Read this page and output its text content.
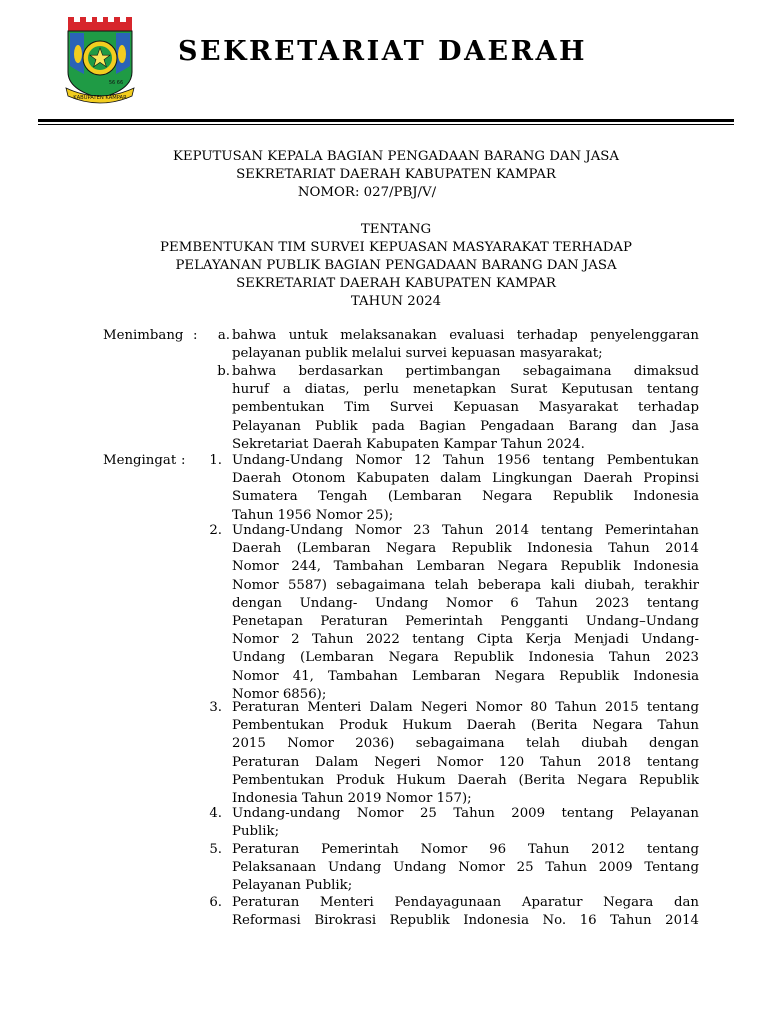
KABUPATEN KAMPAR
56 66
SEKRETARIAT DAERAH
KEPUTUSAN KEPALA BAGIAN PENGADAAN BARANG DAN JASA
SEKRETARIAT DAERAH KABUPATEN KAMPAR
NOMOR: 027/PBJ/V/
TENTANG
PEMBENTUKAN TIM SURVEI KEPUASAN MASYARAKAT TERHADAP
PELAYANAN PUBLIK BAGIAN PENGADAAN BARANG DAN JASA
SEKRETARIAT DAERAH KABUPATEN KAMPAR
TAHUN 2024
Menimbang :	a. bahwa untuk melaksanakan evaluasi terhadap penyelenggaran
pelayanan publik melalui survei kepuasan masyarakat;
b. bahwa berdasarkan pertimbangan sebagaimana dimaksud
huruf a diatas, perlu menetapkan Surat Keputusan tentang
pembentukan Tim Survei Kepuasan Masyarakat terhadap
Pelayanan Publik pada Bagian Pengadaan Barang dan Jasa
Sekretariat Daerah Kabupaten Kampar Tahun 2024.
Mengingat :	1. Undang-Undang Nomor 12 Tahun 1956 tentang Pembentukan
Daerah Otonom Kabupaten dalam Lingkungan Daerah Propinsi
Sumatera Tengah (Lembaran Negara Republik Indonesia
Tahun 1956 Nomor 25);
2. Undang-Undang Nomor 23 Tahun 2014 tentang Pemerintahan
Daerah (Lembaran Negara Republik Indonesia Tahun 2014
Nomor 244, Tambahan Lembaran Negara Republik Indonesia
Nomor 5587) sebagaimana telah beberapa kali diubah, terakhir
dengan Undang- Undang Nomor 6 Tahun 2023 tentang
Penetapan Peraturan Pemerintah Pengganti Undang–Undang
Nomor 2 Tahun 2022 tentang Cipta Kerja Menjadi Undang-
Undang (Lembaran Negara Republik Indonesia Tahun 2023
Nomor 41, Tambahan Lembaran Negara Republik Indonesia
Nomor 6856);
3. Peraturan Menteri Dalam Negeri Nomor 80 Tahun 2015 tentang
Pembentukan Produk Hukum Daerah (Berita Negara Tahun
2015 Nomor 2036) sebagaimana telah diubah dengan
Peraturan Dalam Negeri Nomor 120 Tahun 2018 tentang
Pembentukan Produk Hukum Daerah (Berita Negara Republik
Indonesia Tahun 2019 Nomor 157);
4. Undang-undang Nomor 25 Tahun 2009 tentang Pelayanan
Publik;
5. Peraturan Pemerintah Nomor 96 Tahun 2012 tentang
Pelaksanaan Undang Undang Nomor 25 Tahun 2009 Tentang
Pelayanan Publik;
6. Peraturan Menteri Pendayagunaan Aparatur Negara dan
Reformasi Birokrasi Republik Indonesia No. 16 Tahun 2014
